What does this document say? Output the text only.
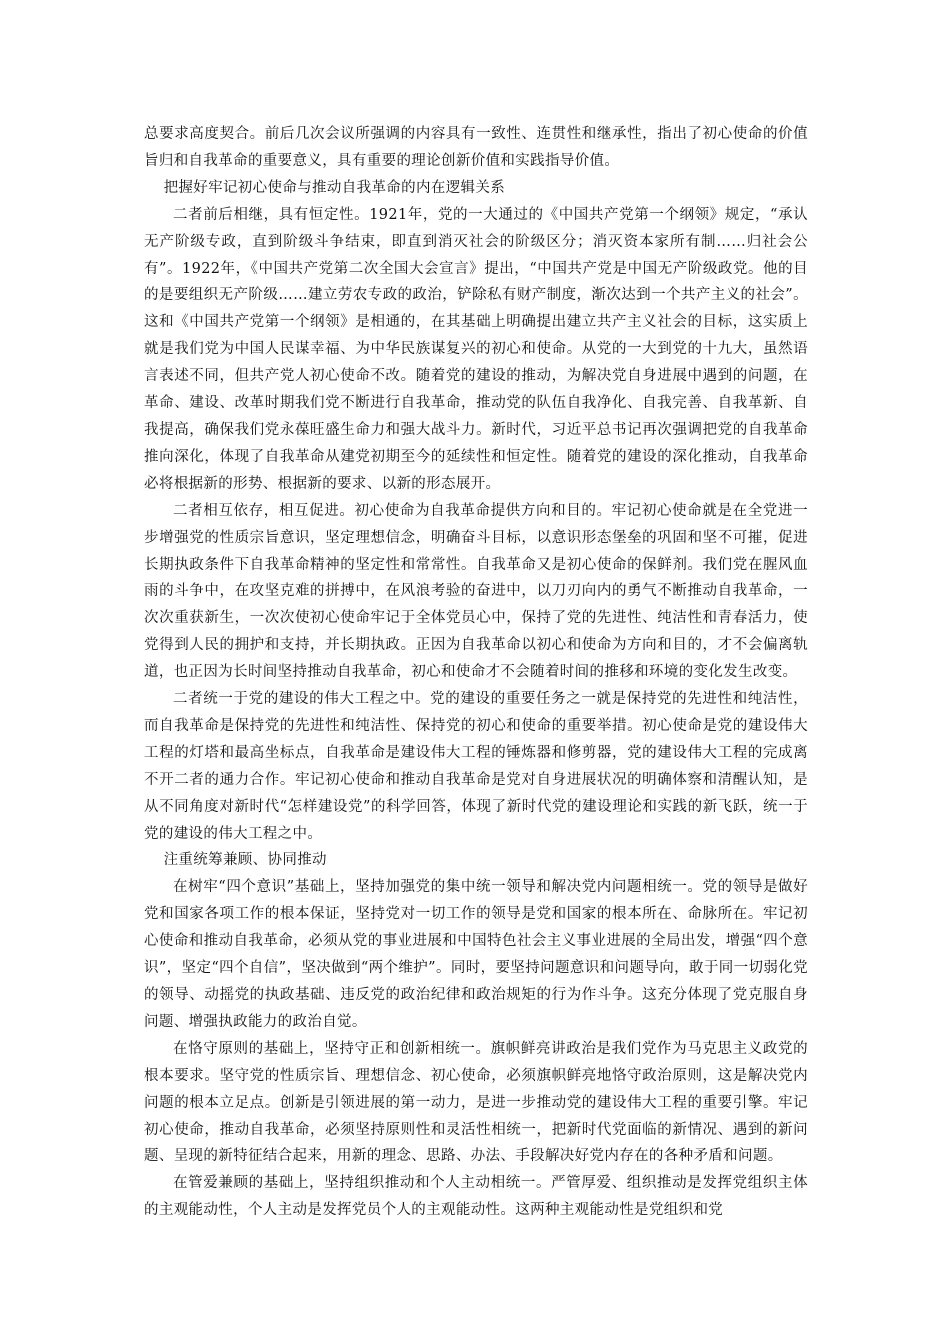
总要求高度契合。前后几次会议所强调的内容具有一致性、连贯性和继承性，指出了初心使命的价值旨归和自我革命的重要意义，具有重要的理论创新价值和实践指导价值。

把握好牢记初心使命与推动自我革命的内在逻辑关系

二者前后相继，具有恒定性。1921年，党的一大通过的《中国共产党第一个纲领》规定，“承认无产阶级专政，直到阶级斗争结束，即直到消灭社会的阶级区分；消灭资本家所有制……归社会公有”。1922年，《中国共产党第二次全国大会宣言》提出，“中国共产党是中国无产阶级政党。他的目的是要组织无产阶级……建立劳农专政的政治，铲除私有财产制度，渐次达到一个共产主义的社会”。这和《中国共产党第一个纲领》是相通的，在其基础上明确提出建立共产主义社会的目标，这实质上就是我们党为中国人民谋幸福、为中华民族谋复兴的初心和使命。从党的一大到党的十九大，虽然语言表述不同，但共产党人初心使命不改。随着党的建设的推动，为解决党自身进展中遇到的问题，在革命、建设、改革时期我们党不断进行自我革命，推动党的队伍自我净化、自我完善、自我革新、自我提高，确保我们党永葆旺盛生命力和强大战斗力。新时代，习近平总书记再次强调把党的自我革命推向深化，体现了自我革命从建党初期至今的延续性和恒定性。随着党的建设的深化推动，自我革命必将根据新的形势、根据新的要求、以新的形态展开。

二者相互依存，相互促进。初心使命为自我革命提供方向和目的。牢记初心使命就是在全党进一步增强党的性质宗旨意识，坚定理想信念，明确奋斗目标，以意识形态堡垒的巩固和坚不可摧，促进长期执政条件下自我革命精神的坚定性和常常性。自我革命又是初心使命的保鲜剂。我们党在腥风血雨的斗争中，在攻坚克难的拼搏中，在风浪考验的奋进中，以刀刃向内的勇气不断推动自我革命，一次次重获新生，一次次使初心使命牢记于全体党员心中，保持了党的先进性、纯洁性和青春活力，使党得到人民的拥护和支持，并长期执政。正因为自我革命以初心和使命为方向和目的，才不会偏离轨道，也正因为长时间坚持推动自我革命，初心和使命才不会随着时间的推移和环境的变化发生改变。

二者统一于党的建设的伟大工程之中。党的建设的重要任务之一就是保持党的先进性和纯洁性，而自我革命是保持党的先进性和纯洁性、保持党的初心和使命的重要举措。初心使命是党的建设伟大工程的灯塔和最高坐标点，自我革命是建设伟大工程的锤炼器和修剪器，党的建设伟大工程的完成离不开二者的通力合作。牢记初心使命和推动自我革命是党对自身进展状况的明确体察和清醒认知，是从不同角度对新时代“怎样建设党”的科学回答，体现了新时代党的建设理论和实践的新飞跃，统一于党的建设的伟大工程之中。

注重统筹兼顾、协同推动

在树牢“四个意识”基础上，坚持加强党的集中统一领导和解决党内问题相统一。党的领导是做好党和国家各项工作的根本保证，坚持党对一切工作的领导是党和国家的根本所在、命脉所在。牢记初心使命和推动自我革命，必须从党的事业进展和中国特色社会主义事业进展的全局出发，增强“四个意识”，坚定“四个自信”，坚决做到“两个维护”。同时，要坚持问题意识和问题导向，敢于同一切弱化党的领导、动摇党的执政基础、违反党的政治纪律和政治规矩的行为作斗争。这充分体现了党克服自身问题、增强执政能力的政治自觉。

在恪守原则的基础上，坚持守正和创新相统一。旗帜鲜亮讲政治是我们党作为马克思主义政党的根本要求。坚守党的性质宗旨、理想信念、初心使命，必须旗帜鲜亮地恪守政治原则，这是解决党内问题的根本立足点。创新是引领进展的第一动力，是进一步推动党的建设伟大工程的重要引擎。牢记初心使命，推动自我革命，必须坚持原则性和灵活性相统一，把新时代党面临的新情况、遇到的新问题、呈现的新特征结合起来，用新的理念、思路、办法、手段解决好党内存在的各种矛盾和问题。

在管爱兼顾的基础上，坚持组织推动和个人主动相统一。严管厚爱、组织推动是发挥党组织主体的主观能动性，个人主动是发挥党员个人的主观能动性。这两种主观能动性是党组织和党
